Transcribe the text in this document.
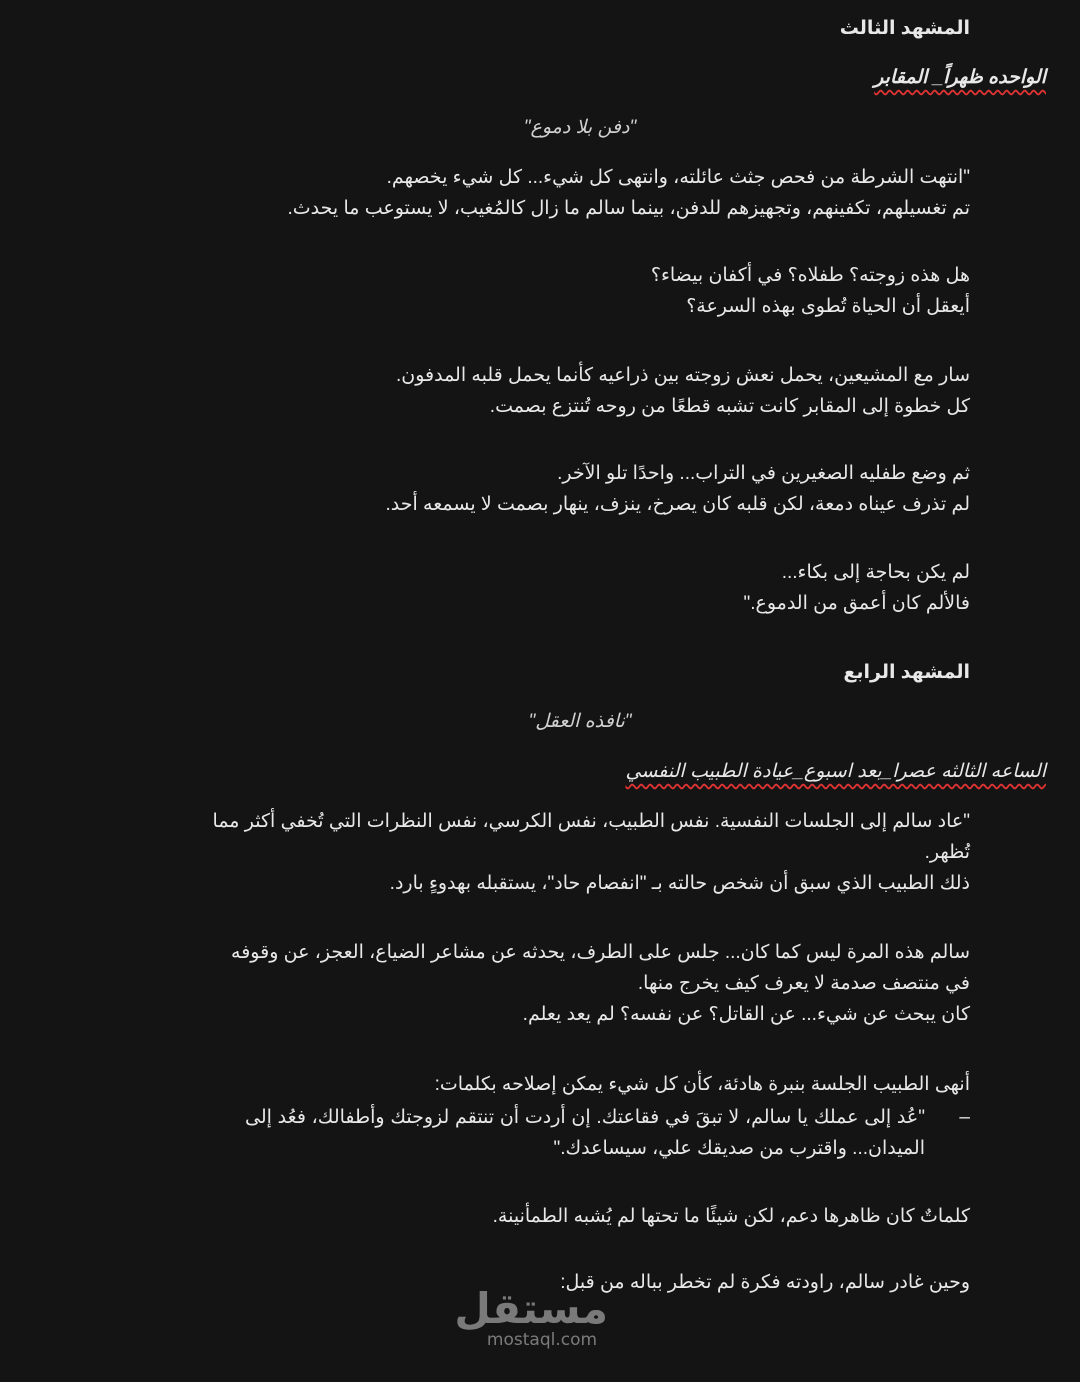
المشهد الثالث
الواحده ظهراً_ المقابر
"دفن بلا دموع"

"انتهت الشرطة من فحص جثث عائلته، وانتهى كل شيء... كل شيء يخصهم.

تم تغسيلهم، تكفينهم، وتجهيزهم للدفن، بينما سالم ما زال كالمُغيب، لا يستوعب ما يحدث.

هل هذه زوجته؟ طفلاه؟ في أكفان بيضاء؟

أيعقل أن الحياة تُطوى بهذه السرعة؟

سار مع المشيعين، يحمل نعش زوجته بين ذراعيه كأنما يحمل قلبه المدفون.

كل خطوة إلى المقابر كانت تشبه قطعًا من روحه تُنتزع بصمت.

ثم وضع طفليه الصغيرين في التراب... واحدًا تلو الآخر.

لم تذرف عيناه دمعة، لكن قلبه كان يصرخ، ينزف، ينهار بصمت لا يسمعه أحد.

لم يكن بحاجة إلى بكاء...

فالألم كان أعمق من الدموع."

المشهد الرابع
"نافذه العقل"
الساعه الثالثه عصرا_بعد اسبوع_عيادة الطبيب النفسي

"عاد سالم إلى الجلسات النفسية. نفس الطبيب، نفس الكرسي، نفس النظرات التي تُخفي أكثر مما تُظهر.

ذلك الطبيب الذي سبق أن شخص حالته بـ "انفصام حاد"، يستقبله بهدوءٍ بارد.

سالم هذه المرة ليس كما كان... جلس على الطرف، يحدثه عن مشاعر الضياع، العجز، عن وقوفه في منتصف صدمة لا يعرف كيف يخرج منها.

كان يبحث عن شيء... عن القاتل؟ عن نفسه؟ لم يعد يعلم.

أنهى الطبيب الجلسة بنبرة هادئة، كأن كل شيء يمكن إصلاحه بكلمات:

–
"عُد إلى عملك يا سالم، لا تبقَ في فقاعتك. إن أردت أن تنتقم لزوجتك وأطفالك، فعُد إلى الميدان... واقترب من صديقك علي، سيساعدك."

كلماتٌ كان ظاهرها دعم، لكن شيئًا ما تحتها لم يُشبه الطمأنينة.

وحين غادر سالم، راودته فكرة لم تخطر بباله من قبل:

مستقل
mostaql.com
